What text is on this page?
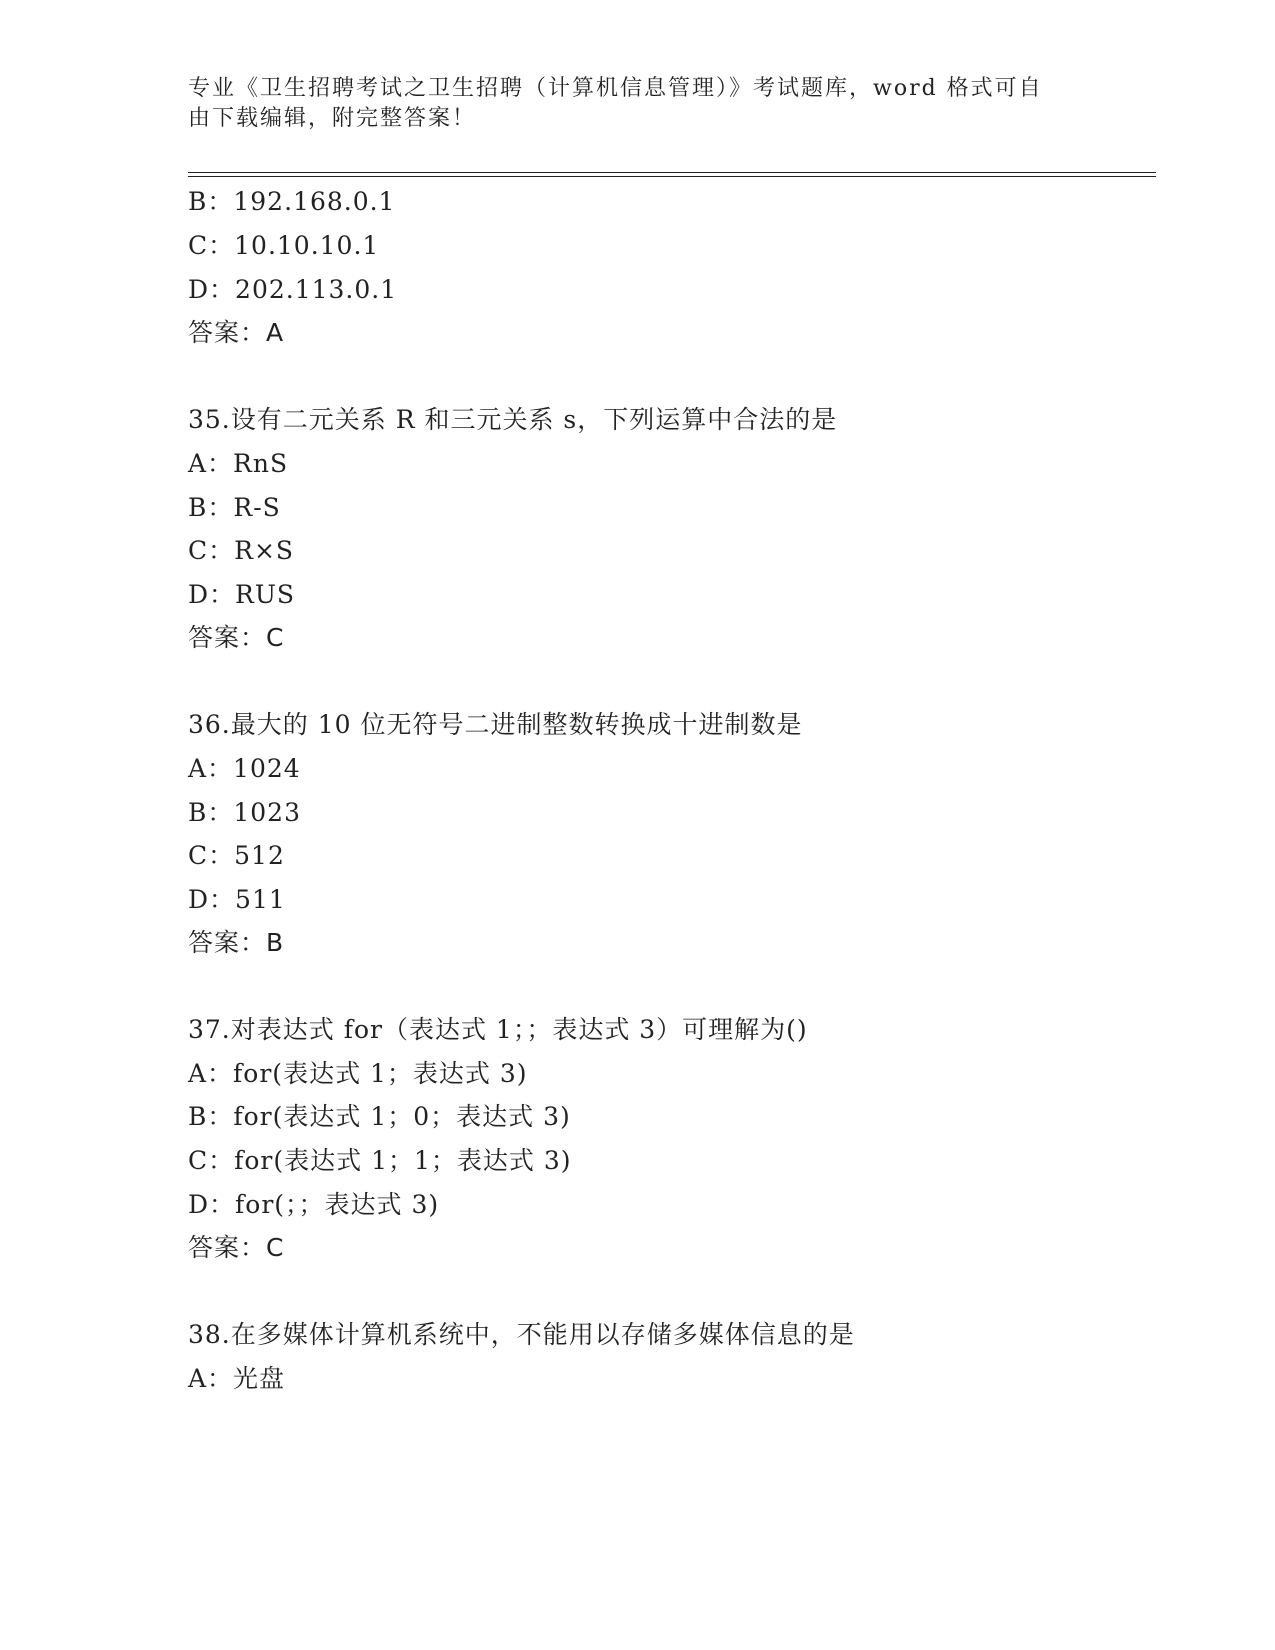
专业《卫生招聘考试之卫生招聘（计算机信息管理）》考试题库，word 格式可自
由下载编辑，附完整答案！
B：192.168.0.1
C：10.10.10.1
D：202.113.0.1
答案：A
35.设有二元关系 R 和三元关系 s，下列运算中合法的是
A：RnS
B：R-S
C：R×S
D：RUS
答案：C
36.最大的 10 位无符号二进制整数转换成十进制数是
A：1024
B：1023
C：512
D：511
答案：B
37.对表达式 for（表达式 1；；表达式 3）可理解为()
A：for(表达式 1；表达式 3)
B：for(表达式 1；0；表达式 3)
C：for(表达式 1；1；表达式 3)
D：for(；；表达式 3)
答案：C
38.在多媒体计算机系统中，不能用以存储多媒体信息的是
A：光盘
